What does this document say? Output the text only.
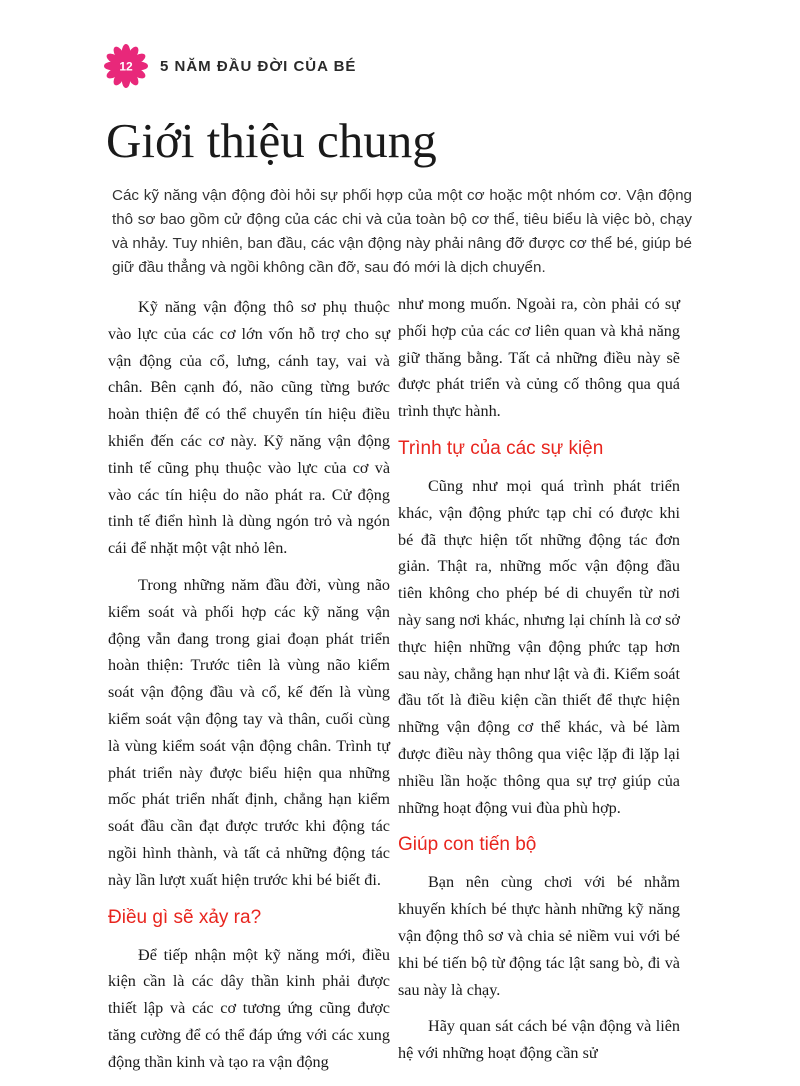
12 5 NĂM ĐẦU ĐỜI CỦA BÉ
Giới thiệu chung

Các kỹ năng vận động đòi hỏi sự phối hợp của một cơ hoặc một nhóm cơ. Vận động thô sơ bao gồm cử động của các chi và của toàn bộ cơ thể, tiêu biểu là việc bò, chạy và nhảy. Tuy nhiên, ban đầu, các vận động này phải nâng đỡ được cơ thể bé, giúp bé giữ đầu thẳng và ngồi không cần đỡ, sau đó mới là dịch chuyển.

Kỹ năng vận động thô sơ phụ thuộc vào lực của các cơ lớn vốn hỗ trợ cho sự vận động của cổ, lưng, cánh tay, vai và chân. Bên cạnh đó, não cũng từng bước hoàn thiện để có thể chuyển tín hiệu điều khiển đến các cơ này. Kỹ năng vận động tinh tế cũng phụ thuộc vào lực của cơ và vào các tín hiệu do não phát ra. Cử động tinh tế điển hình là dùng ngón trỏ và ngón cái để nhặt một vật nhỏ lên.

Trong những năm đầu đời, vùng não kiểm soát và phối hợp các kỹ năng vận động vẫn đang trong giai đoạn phát triển hoàn thiện: Trước tiên là vùng não kiểm soát vận động đầu và cổ, kế đến là vùng kiểm soát vận động tay và thân, cuối cùng là vùng kiểm soát vận động chân. Trình tự phát triển này được biểu hiện qua những mốc phát triển nhất định, chẳng hạn kiểm soát đầu cần đạt được trước khi động tác ngồi hình thành, và tất cả những động tác này lần lượt xuất hiện trước khi bé biết đi.

Điều gì sẽ xảy ra?

Để tiếp nhận một kỹ năng mới, điều kiện cần là các dây thần kinh phải được thiết lập và các cơ tương ứng cũng được tăng cường để có thể đáp ứng với các xung động thần kinh và tạo ra vận động

như mong muốn. Ngoài ra, còn phải có sự phối hợp của các cơ liên quan và khả năng giữ thăng bằng. Tất cả những điều này sẽ được phát triển và củng cố thông qua quá trình thực hành.

Trình tự của các sự kiện

Cũng như mọi quá trình phát triển khác, vận động phức tạp chỉ có được khi bé đã thực hiện tốt những động tác đơn giản. Thật ra, những mốc vận động đầu tiên không cho phép bé di chuyển từ nơi này sang nơi khác, nhưng lại chính là cơ sở thực hiện những vận động phức tạp hơn sau này, chẳng hạn như lật và đi. Kiểm soát đầu tốt là điều kiện cần thiết để thực hiện những vận động cơ thể khác, và bé làm được điều này thông qua việc lặp đi lặp lại nhiều lần hoặc thông qua sự trợ giúp của những hoạt động vui đùa phù hợp.

Giúp con tiến bộ

Bạn nên cùng chơi với bé nhằm khuyến khích bé thực hành những kỹ năng vận động thô sơ và chia sẻ niềm vui với bé khi bé tiến bộ từ động tác lật sang bò, đi và sau này là chạy.

Hãy quan sát cách bé vận động và liên hệ với những hoạt động cần sử
